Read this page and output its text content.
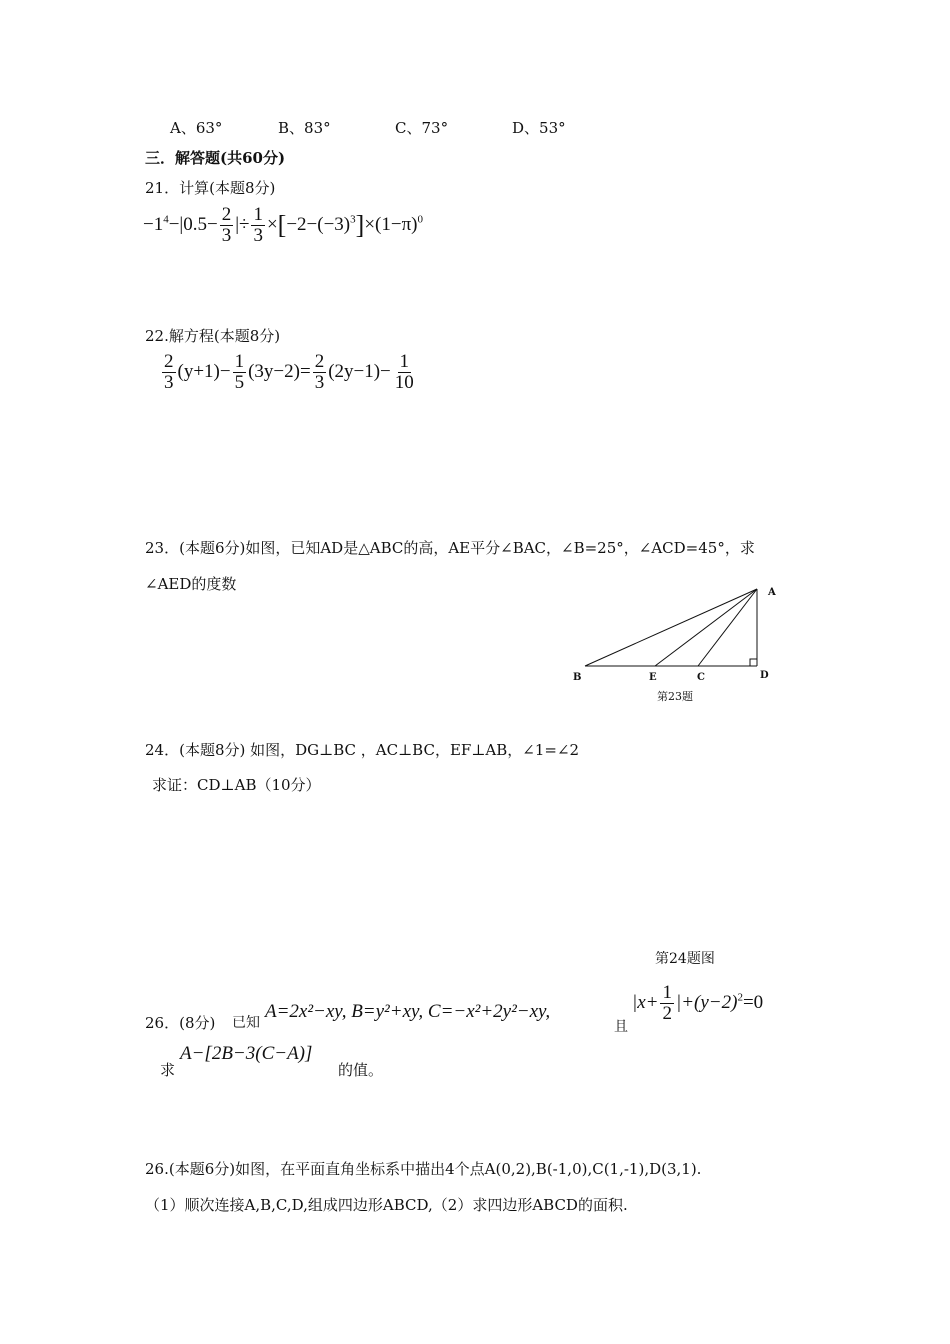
A、63°	B、83°	C、73°	D、53°
三．解答题(共60分)
21．计算(本题8分)
$-1^4-|0.5- \frac{2}{3}$ |÷ $\frac{1}{3} \times[-2-(-3)^3]\times(1-\pi)^0$
22.解方程(本题8分)
$\frac{2}{3} (y+1)- \frac{1}{5} (3y-2)= \frac{2}{3} (2y-1)- \frac{1}{10}$
23．(本题6分)如图，已知AD是△ABC的高，AE平分∠BAC，∠B=25°，∠ACD=45°，求
∠AED的度数	A
B	E	C	D
第23题
24．(本题8分) 如图，DG⊥BC ，AC⊥BC，EF⊥AB，∠1=∠2
求证：CD⊥AB（10分）
第24题图
26．(8分) 已知
A=2x²−xy, B=y²+xy, C=−x²+2y²−xy,
且
$|x+ \frac{1}{2} |+(y-2)^2=0$
求
A−[2B−3(C−A)]
的值。
26.(本题6分)如图，在平面直角坐标系中描出4个点A(0,2),B(-1,0),C(1,-1),D(3,1).
（1）顺次连接A,B,C,D,组成四边形ABCD,（2）求四边形ABCD的面积.
